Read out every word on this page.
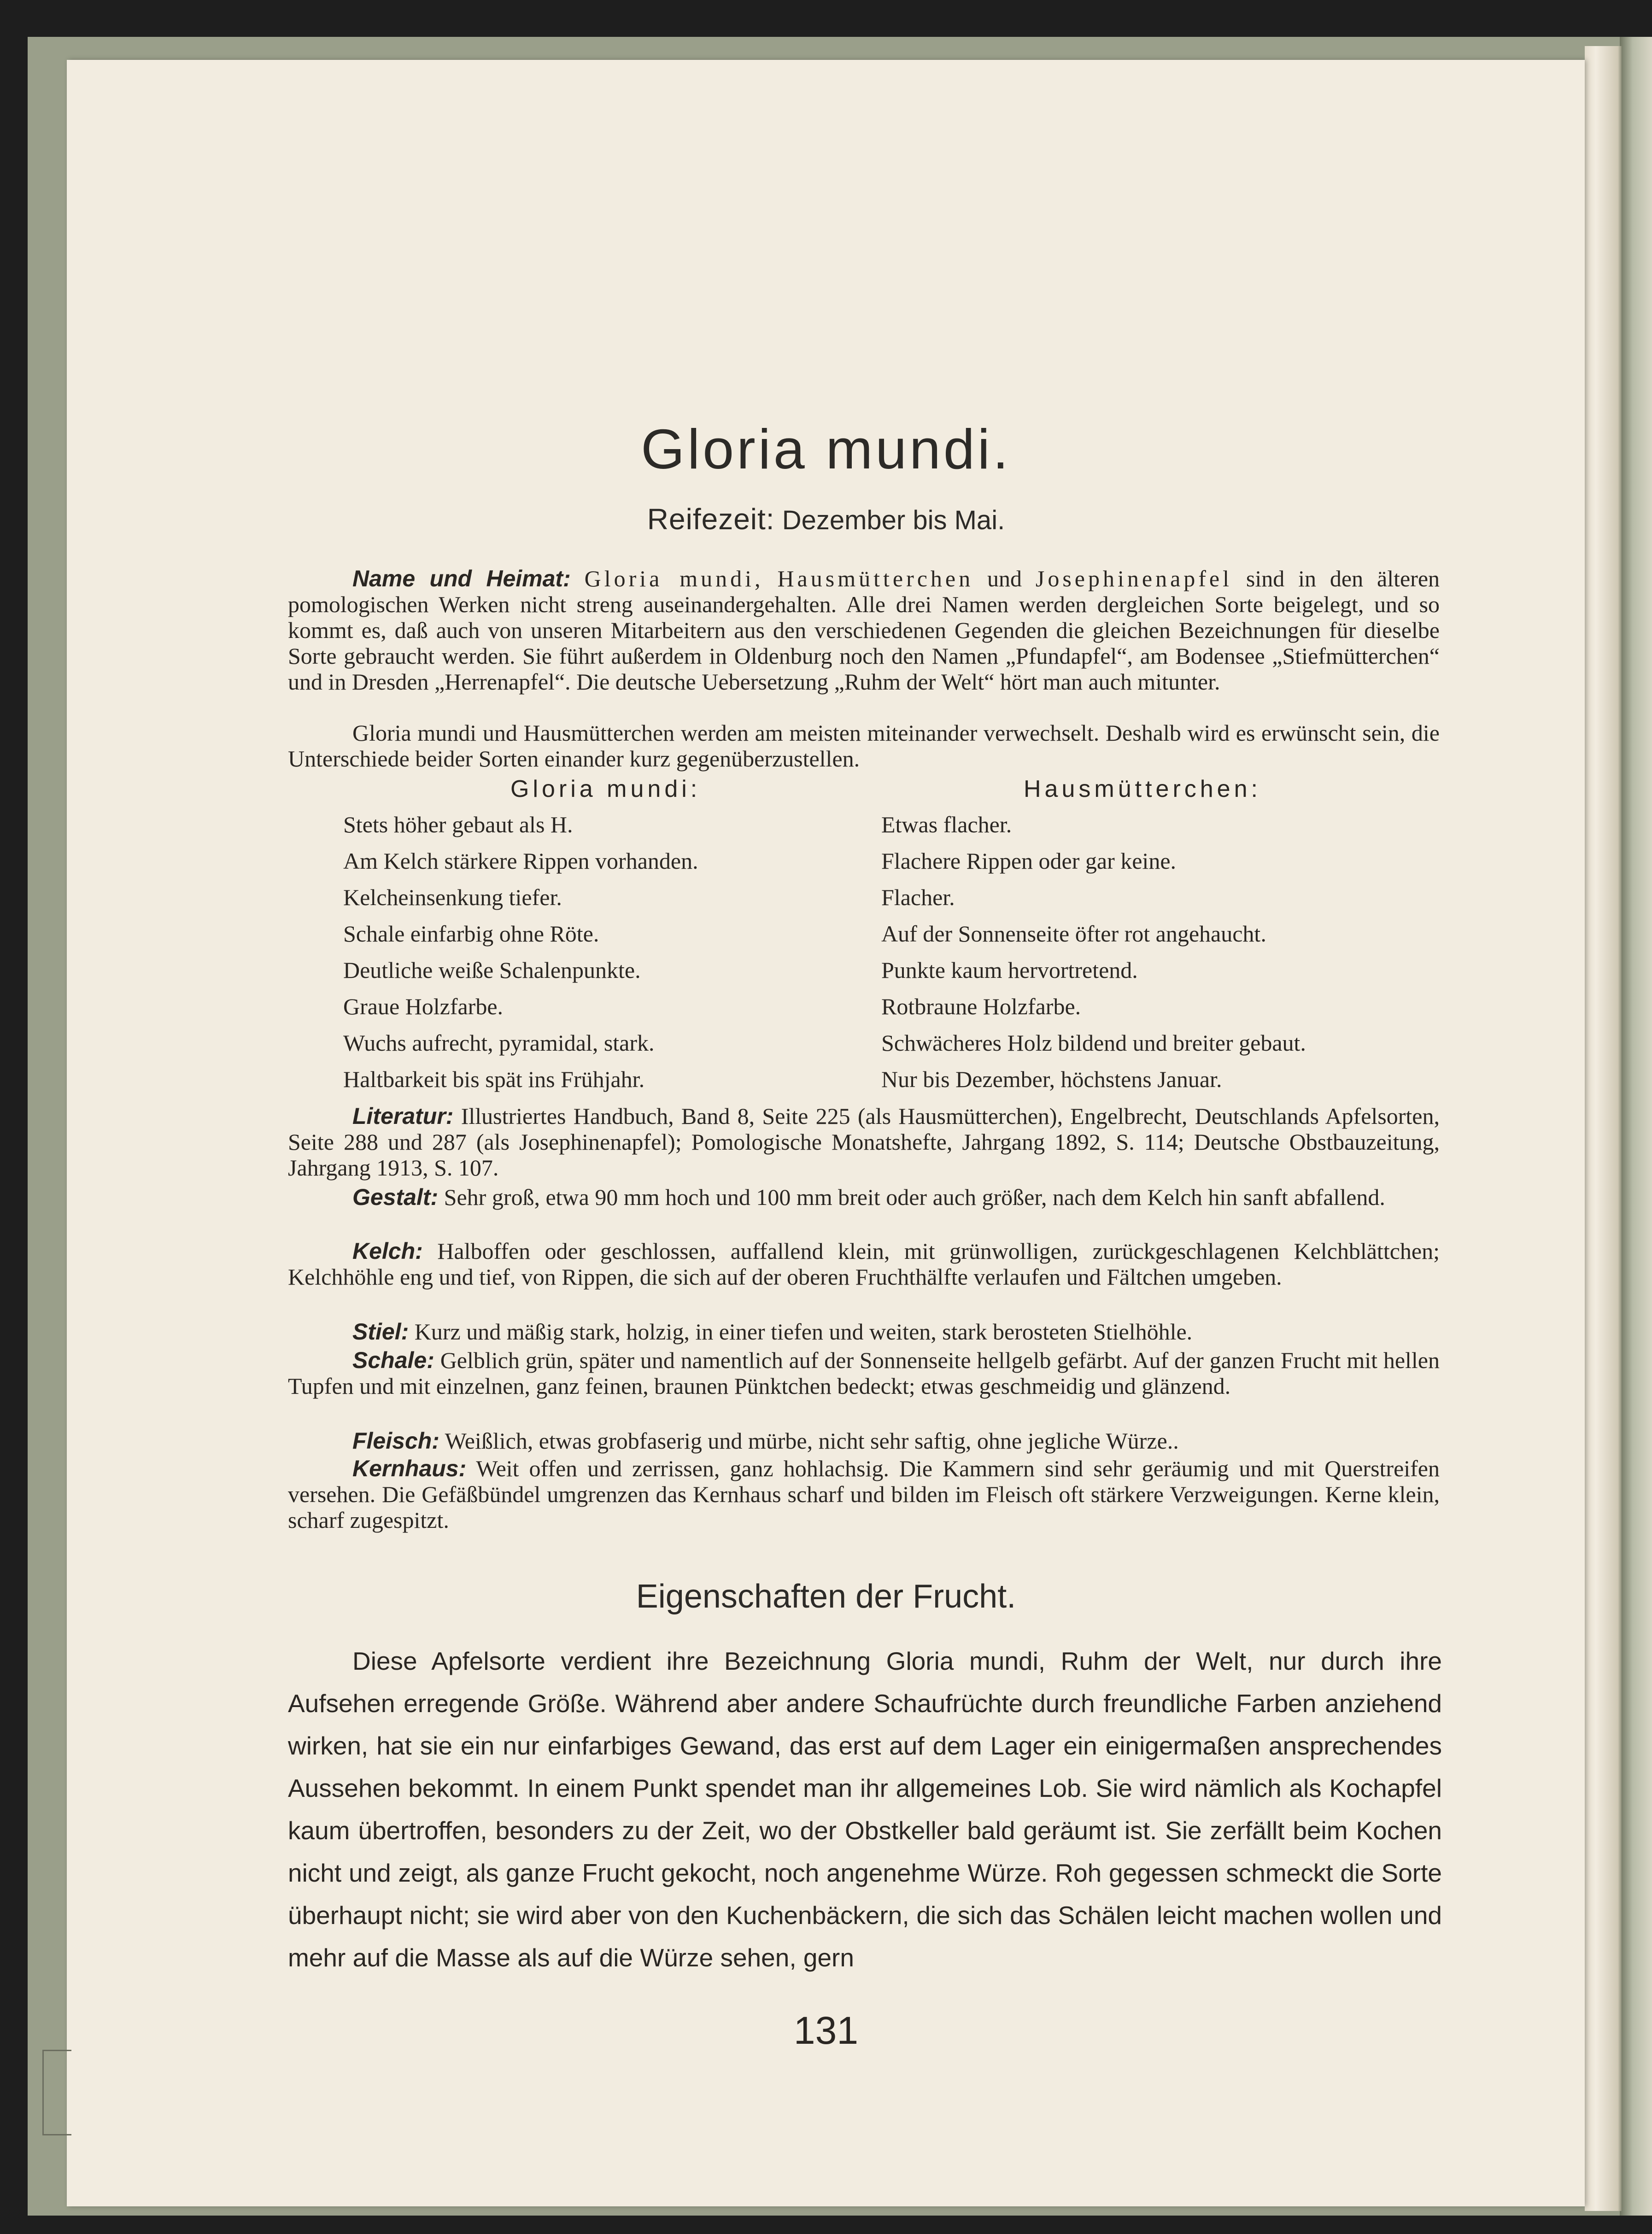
Gloria mundi.
Reifezeit: Dezember bis Mai.
Name und Heimat: Gloria mundi, Hausmütterchen und Josephinenapfel sind in den älteren pomologischen Werken nicht streng auseinandergehalten. Alle drei Namen werden dergleichen Sorte beigelegt, und so kommt es, daß auch von unseren Mitarbeitern aus den verschiedenen Gegenden die gleichen Bezeichnungen für dieselbe Sorte gebraucht werden. Sie führt außerdem in Oldenburg noch den Namen „Pfundapfel“, am Bodensee „Stiefmütterchen“ und in Dresden „Herrenapfel“. Die deutsche Uebersetzung „Ruhm der Welt“ hört man auch mitunter.
Gloria mundi und Hausmütterchen werden am meisten miteinander verwechselt. Deshalb wird es erwünscht sein, die Unterschiede beider Sorten einander kurz gegenüberzustellen.
Gloria mundi:	Hausmütterchen:
Stets höher gebaut als H.
Am Kelch stärkere Rippen vorhanden.
Kelcheinsenkung tiefer.
Schale einfarbig ohne Röte.
Deutliche weiße Schalenpunkte.
Graue Holzfarbe.
Wuchs aufrecht, pyramidal, stark.
Haltbarkeit bis spät ins Frühjahr.
Etwas flacher.
Flachere Rippen oder gar keine.
Flacher.
Auf der Sonnenseite öfter rot angehaucht.
Punkte kaum hervortretend.
Rotbraune Holzfarbe.
Schwächeres Holz bildend und breiter gebaut.
Nur bis Dezember, höchstens Januar.
Literatur: Illustriertes Handbuch, Band 8, Seite 225 (als Hausmütterchen), Engelbrecht, Deutschlands Apfelsorten, Seite 288 und 287 (als Josephinenapfel); Pomologische Monatshefte, Jahrgang 1892, S. 114; Deutsche Obstbauzeitung, Jahrgang 1913, S. 107.
Gestalt: Sehr groß, etwa 90 mm hoch und 100 mm breit oder auch größer, nach dem Kelch hin sanft abfallend.
Kelch: Halboffen oder geschlossen, auffallend klein, mit grünwolligen, zurückgeschlagenen Kelchblättchen; Kelchhöhle eng und tief, von Rippen, die sich auf der oberen Fruchthälfte verlaufen und Fältchen umgeben.
Stiel: Kurz und mäßig stark, holzig, in einer tiefen und weiten, stark berosteten Stielhöhle.
Schale: Gelblich grün, später und namentlich auf der Sonnenseite hellgelb gefärbt. Auf der ganzen Frucht mit hellen Tupfen und mit einzelnen, ganz feinen, braunen Pünktchen bedeckt; etwas geschmeidig und glänzend.
Fleisch: Weißlich, etwas grobfaserig und mürbe, nicht sehr saftig, ohne jegliche Würze..
Kernhaus: Weit offen und zerrissen, ganz hohlachsig. Die Kammern sind sehr geräumig und mit Querstreifen versehen. Die Gefäßbündel umgrenzen das Kernhaus scharf und bilden im Fleisch oft stärkere Verzweigungen. Kerne klein, scharf zugespitzt.
Eigenschaften der Frucht.
Diese Apfelsorte verdient ihre Bezeichnung Gloria mundi, Ruhm der Welt, nur durch ihre Aufsehen erregende Größe. Während aber andere Schaufrüchte durch freundliche Farben anziehend wirken, hat sie ein nur einfarbiges Gewand, das erst auf dem Lager ein einigermaßen ansprechendes Aussehen bekommt. In einem Punkt spendet man ihr allgemeines Lob. Sie wird nämlich als Kochapfel kaum übertroffen, besonders zu der Zeit, wo der Obstkeller bald geräumt ist. Sie zerfällt beim Kochen nicht und zeigt, als ganze Frucht gekocht, noch angenehme Würze. Roh gegessen schmeckt die Sorte überhaupt nicht; sie wird aber von den Kuchenbäckern, die sich das Schälen leicht machen wollen und mehr auf die Masse als auf die Würze sehen, gern
131
